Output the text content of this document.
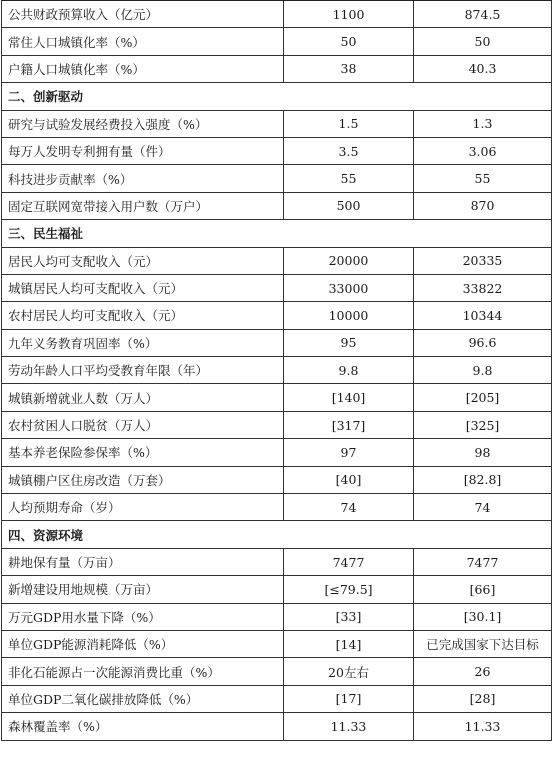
公共财政预算收入（亿元）	1100	874.5
常住人口城镇化率（%）	50	50
户籍人口城镇化率（%）	38	40.3
二、创新驱动
研究与试验发展经费投入强度（%）	1.5	1.3
每万人发明专利拥有量（件）	3.5	3.06
科技进步贡献率（%）	55	55
固定互联网宽带接入用户数（万户）	500	870
三、民生福祉
居民人均可支配收入（元）	20000	20335
城镇居民人均可支配收入（元）	33000	33822
农村居民人均可支配收入（元）	10000	10344
九年义务教育巩固率（%）	95	96.6
劳动年龄人口平均受教育年限（年）	9.8	9.8
城镇新增就业人数（万人）	[140]	[205]
农村贫困人口脱贫（万人）	[317]	[325]
基本养老保险参保率（%）	97	98
城镇棚户区住房改造（万套）	[40]	[82.8]
人均预期寿命（岁）	74	74
四、资源环境
耕地保有量（万亩）	7477	7477
新增建设用地规模（万亩）	[≤79.5]	[66]
万元GDP用水量下降（%）	[33]	[30.1]
单位GDP能源消耗降低（%）	[14]	已完成国家下达目标
非化石能源占一次能源消费比重（%）	20左右	26
单位GDP二氧化碳排放降低（%）	[17]	[28]
森林覆盖率（%）	11.33	11.33
